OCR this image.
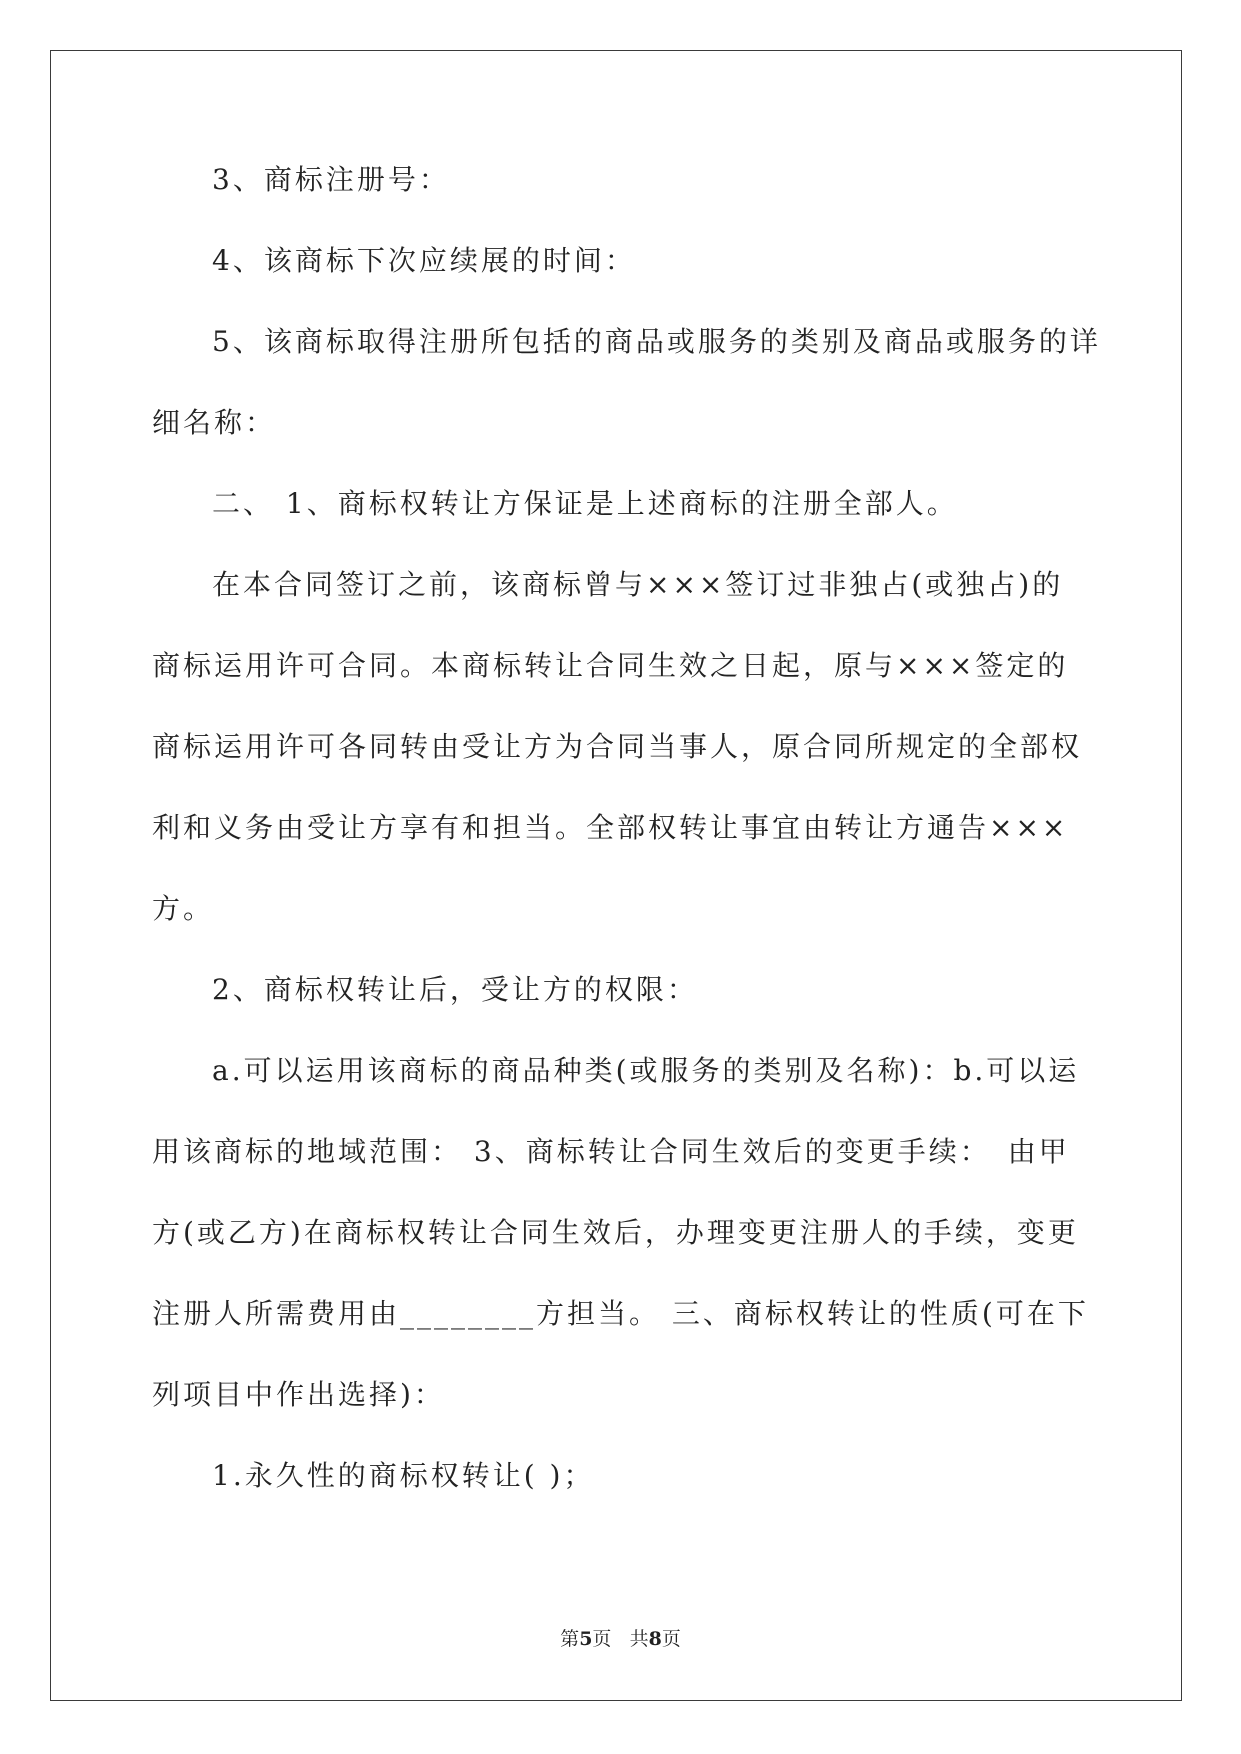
3、商标注册号：

4、该商标下次应续展的时间：

5、该商标取得注册所包括的商品或服务的类别及商品或服务的详

细名称：

二、 1、商标权转让方保证是上述商标的注册全部人。

在本合同签订之前，该商标曾与×××签订过非独占(或独占)的

商标运用许可合同。本商标转让合同生效之日起，原与×××签定的

商标运用许可各同转由受让方为合同当事人，原合同所规定的全部权

利和义务由受让方享有和担当。全部权转让事宜由转让方通告×××

方。

2、商标权转让后，受让方的权限：

a.可以运用该商标的商品种类(或服务的类别及名称)：b.可以运

用该商标的地域范围： 3、商标转让合同生效后的变更手续：　由甲

方(或乙方)在商标权转让合同生效后，办理变更注册人的手续，变更

注册人所需费用由________方担当。 三、商标权转让的性质(可在下

列项目中作出选择)：

1.永久性的商标权转让( )；

第5页 共8页
